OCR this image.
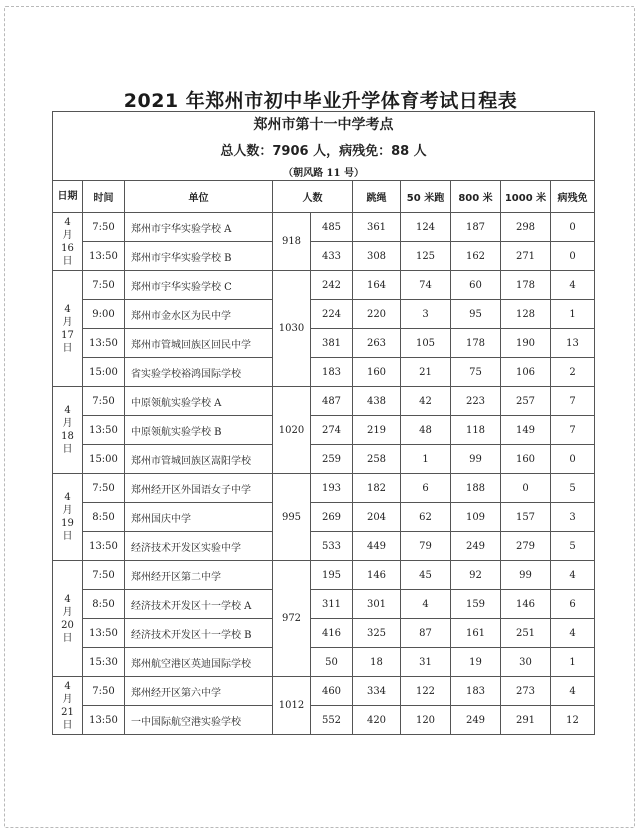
2021 年郑州市初中毕业升学体育考试日程表
郑州市第十一中学考点									
总人数：7906 人，病残免：88 人									
（朝风路 11 号）									
日期	时间	单位	人数		跳绳	50 米跑	800 米	1000 米	病残免
4
月
16
日	7:50	郑州市宇华实验学校 A	918	485	361	124	187	298	0
	13:50	郑州市宇华实验学校 B		433	308	125	162	271	0
4
月
17
日	7:50	郑州市宇华实验学校 C	1030	242	164	74	60	178	4
	9:00	郑州市金水区为民中学		224	220	3	95	128	1
	13:50	郑州市管城回族区回民中学		381	263	105	178	190	13
	15:00	省实验学校裕鸿国际学校		183	160	21	75	106	2
4
月
18
日	7:50	中原领航实验学校 A	1020	487	438	42	223	257	7
	13:50	中原领航实验学校 B		274	219	48	118	149	7
	15:00	郑州市管城回族区嵩阳学校		259	258	1	99	160	0
4
月
19
日	7:50	郑州经开区外国语女子中学	995	193	182	6	188	0	5
	8:50	郑州国庆中学		269	204	62	109	157	3
	13:50	经济技术开发区实验中学		533	449	79	249	279	5
4
月
20
日	7:50	郑州经开区第二中学	972	195	146	45	92	99	4
	8:50	经济技术开发区十一学校 A		311	301	4	159	146	6
	13:50	经济技术开发区十一学校 B		416	325	87	161	251	4
	15:30	郑州航空港区英迪国际学校		50	18	31	19	30	1
4
月
21
日	7:50	郑州经开区第六中学	1012	460	334	122	183	273	4
	13:50	一中国际航空港实验学校		552	420	120	249	291	12
